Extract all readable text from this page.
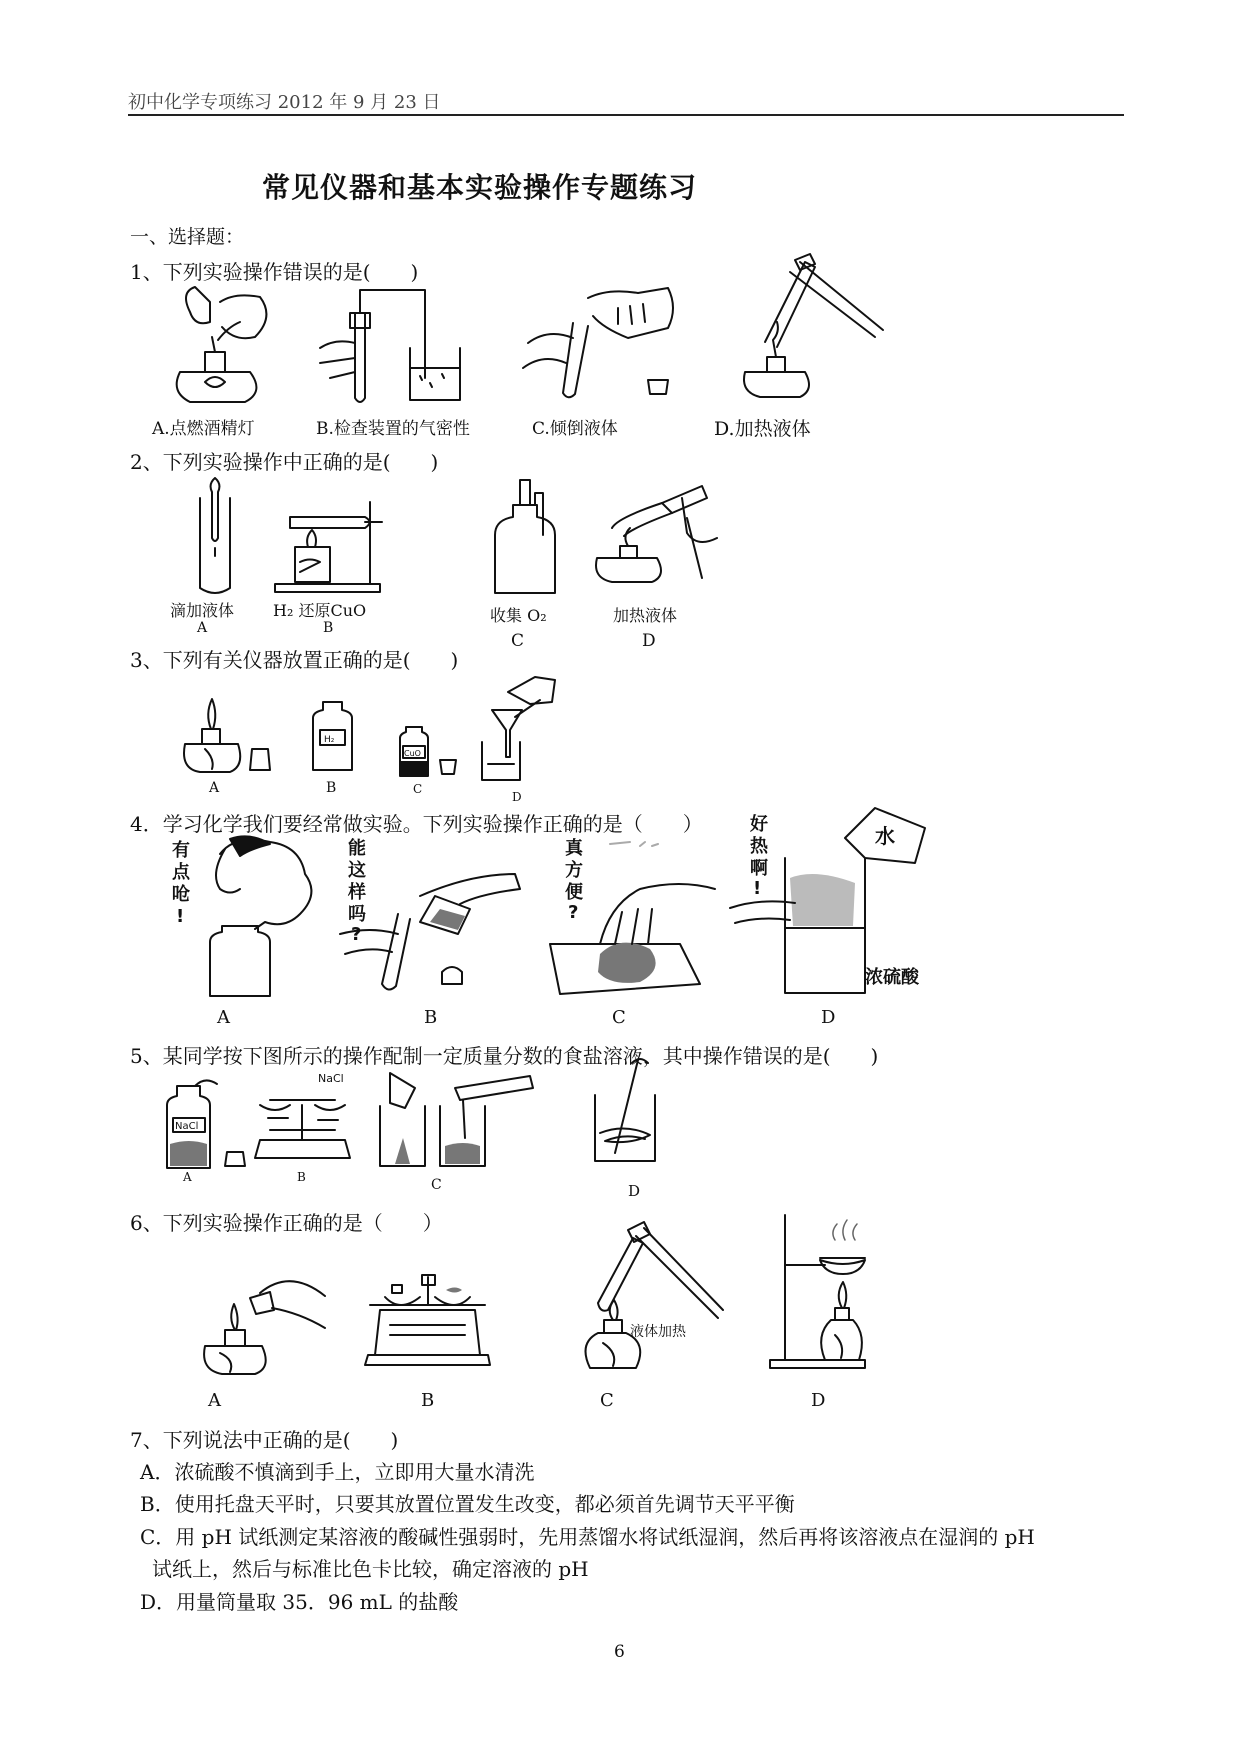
初中化学专项练习 2012 年 9 月 23 日
常见仪器和基本实验操作专题练习
一、选择题：
1、下列实验操作错误的是(　　)
A.点燃酒精灯	B.检查装置的气密性	C.倾倒液体	D.加热液体
2、下列实验操作中正确的是(　　)
滴加液体 H₂ 还原CuO	收集 O₂	加热液体
A	B
C	D
3、下列有关仪器放置正确的是(　　)
H₂
CuO
A	B	C
D
4．学习化学我们要经常做实验。下列实验操作正确的是（　　）
有
点
呛
!
能
这
样
吗
?
真
方
便
?
好
热
啊
!
水
浓硫酸
A	B	C	D
5、某同学按下图所示的操作配制一定质量分数的食盐溶液，其中操作错误的是(　　)
NaCl
NaCl
A	B	C	D
6、下列实验操作正确的是（　　）
液体加热
A	B	C	D
7、下列说法中正确的是(　　)
A．浓硫酸不慎滴到手上，立即用大量水清洗
B．使用托盘天平时，只要其放置位置发生改变，都必须首先调节天平平衡
C．用 pH 试纸测定某溶液的酸碱性强弱时，先用蒸馏水将试纸湿润，然后再将该溶液点在湿润的 pH
试纸上，然后与标准比色卡比较，确定溶液的 pH
D．用量筒量取 35．96 mL 的盐酸
6
